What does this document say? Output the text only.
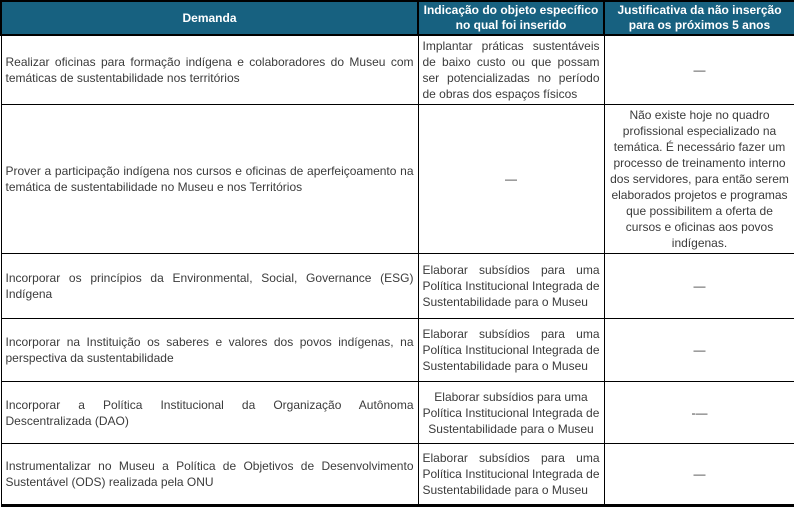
Demanda	Indicação do objeto específico no qual foi inserido	Justificativa da não inserção para os próximos 5 anos
Realizar oficinas para formação indígena e colaboradores do Museu com temáticas de sustentabilidade nos territórios	Implantar práticas sustentáveis de baixo custo ou que possam ser potencializadas no período de obras dos espaços físicos	—
Prover a participação indígena nos cursos e oficinas de aperfeiçoamento na temática de sustentabilidade no Museu e nos Territórios	—	Não existe hoje no quadro profissional especializado na temática. É necessário fazer um processo de treinamento interno dos servidores, para então serem elaborados projetos e programas que possibilitem a oferta de cursos e oficinas aos povos indígenas.
Incorporar os princípios da Environmental, Social, Governance (ESG) Indígena	Elaborar subsídios para uma Política Institucional Integrada de Sustentabilidade para o Museu	—
Incorporar na Instituição os saberes e valores dos povos indígenas, na perspectiva da sustentabilidade	Elaborar subsídios para uma Política Institucional Integrada de Sustentabilidade para o Museu	—
Incorporar a Política Institucional da Organização Autônoma Descentralizada (DAO)	Elaborar subsídios para uma Política Institucional Integrada de Sustentabilidade para o Museu	-—
Instrumentalizar no Museu a Política de Objetivos de Desenvolvimento Sustentável (ODS) realizada pela ONU	Elaborar subsídios para uma Política Institucional Integrada de Sustentabilidade para o Museu	—
